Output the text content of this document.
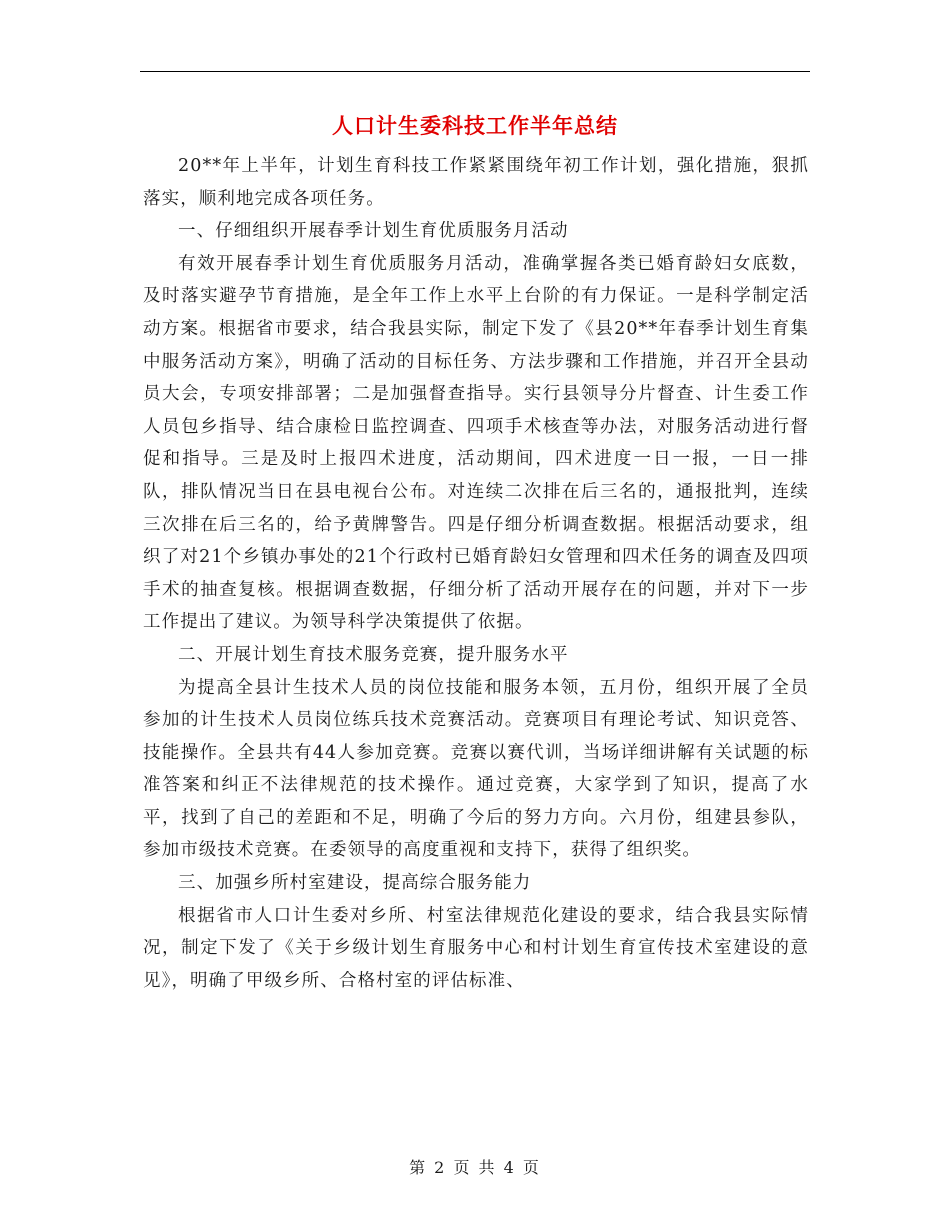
人口计生委科技工作半年总结

20**年上半年，计划生育科技工作紧紧围绕年初工作计划，强化措施，狠抓落实，顺利地完成各项任务。

一、仔细组织开展春季计划生育优质服务月活动

有效开展春季计划生育优质服务月活动，准确掌握各类已婚育龄妇女底数，及时落实避孕节育措施，是全年工作上水平上台阶的有力保证。一是科学制定活动方案。根据省市要求，结合我县实际，制定下发了《县20**年春季计划生育集中服务活动方案》，明确了活动的目标任务、方法步骤和工作措施，并召开全县动员大会，专项安排部署；二是加强督查指导。实行县领导分片督查、计生委工作人员包乡指导、结合康检日监控调查、四项手术核查等办法，对服务活动进行督促和指导。三是及时上报四术进度，活动期间，四术进度一日一报，一日一排队，排队情况当日在县电视台公布。对连续二次排在后三名的，通报批判，连续三次排在后三名的，给予黄牌警告。四是仔细分析调查数据。根据活动要求，组织了对21个乡镇办事处的21个行政村已婚育龄妇女管理和四术任务的调查及四项手术的抽查复核。根据调查数据，仔细分析了活动开展存在的问题，并对下一步工作提出了建议。为领导科学决策提供了依据。

二、开展计划生育技术服务竞赛，提升服务水平

为提高全县计生技术人员的岗位技能和服务本领，五月份，组织开展了全员参加的计生技术人员岗位练兵技术竞赛活动。竞赛项目有理论考试、知识竞答、技能操作。全县共有44人参加竞赛。竞赛以赛代训，当场详细讲解有关试题的标准答案和纠正不法律规范的技术操作。通过竞赛，大家学到了知识，提高了水平，找到了自己的差距和不足，明确了今后的努力方向。六月份，组建县参队，参加市级技术竞赛。在委领导的高度重视和支持下，获得了组织奖。

三、加强乡所村室建设，提高综合服务能力

根据省市人口计生委对乡所、村室法律规范化建设的要求，结合我县实际情况，制定下发了《关于乡级计划生育服务中心和村计划生育宣传技术室建设的意见》，明确了甲级乡所、合格村室的评估标准、

第 2 页 共 4 页
